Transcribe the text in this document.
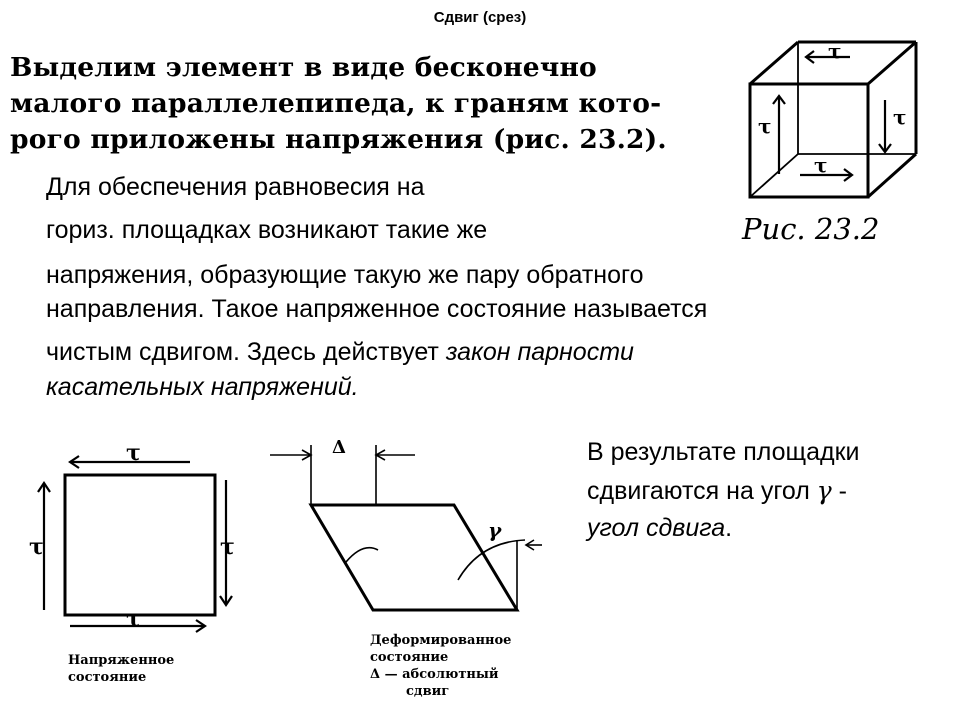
Сдвиг (срез)
Выделим элемент в виде бесконечно
малого параллелепипеда, к граням кото-
рого приложены напряжения (рис. 23.2).
Для обеспечения равновесия на
гориз. площадках возникают такие же
напряжения, образующие такую же пару обратного
направления. Такое напряженное состояние называется
чистым сдвигом. Здесь действует закон парности
касательных напряжений.
τ
τ	τ
τ
Рис. 23.2
В результате площадки
сдвигаются на угол γ -
угол сдвига.
τ
τ	τ
τ
Напряженное
состояние
Δ
γ
Деформированное
состояние
Δ — абсолютный
сдвиг
